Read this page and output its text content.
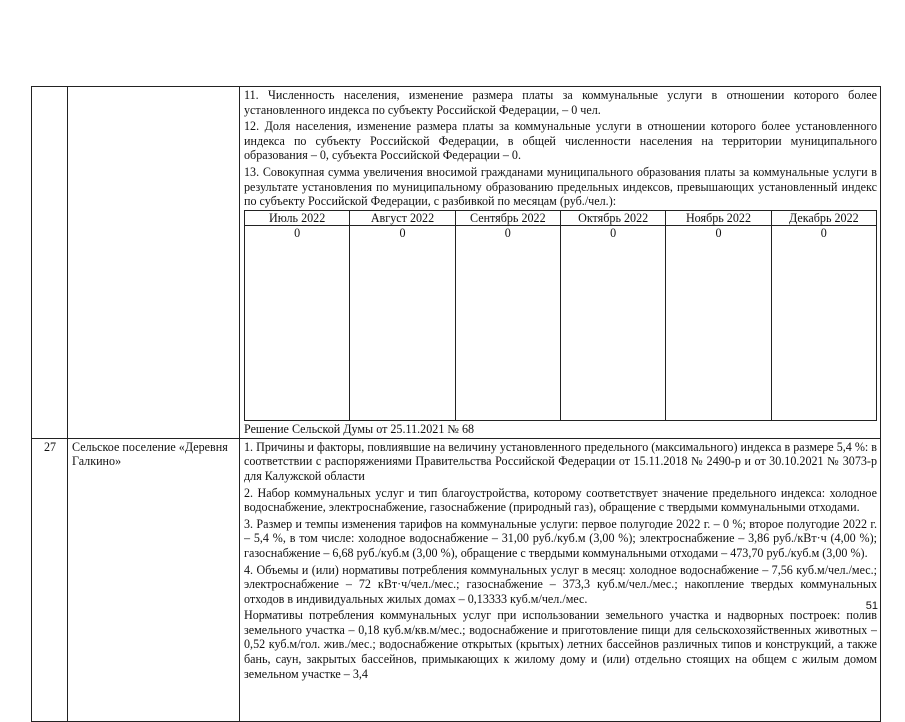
11. Численность населения, изменение размера платы за коммунальные услуги в отношении которого более установленного индекса по субъекту Российской Федерации, – 0 чел.

12. Доля населения, изменение размера платы за коммунальные услуги в отношении которого более установленного индекса по субъекту Российской Федерации, в общей численности населения на территории муниципального образования – 0, субъекта Российской Федерации – 0.

13. Совокупная сумма увеличения вносимой гражданами муниципального образования платы за коммунальные услуги в результате установления по муниципальному образованию предельных индексов, превышающих установленный индекс по субъекту Российской Федерации, с разбивкой по месяцам (руб./чел.):

Июль 2022	Август 2022	Сентябрь 2022	Октябрь 2022	Ноябрь 2022	Декабрь 2022
0	0	0	0	0	0

Решение Сельской Думы от 25.11.2021 № 68

27	Сельское поселение «Деревня Галкино»	

1. Причины и факторы, повлиявшие на величину установленного предельного (максимального) индекса в размере 5,4 %: в соответствии с распоряжениями Правительства Российской Федерации от 15.11.2018 № 2490-р и от 30.10.2021 № 3073-р для Калужской области

2. Набор коммунальных услуг и тип благоустройства, которому соответствует значение предельного индекса: холодное водоснабжение, электроснабжение, газоснабжение (природный газ), обращение с твердыми коммунальными отходами.

3. Размер и темпы изменения тарифов на коммунальные услуги: первое полугодие 2022 г. – 0 %; второе полугодие 2022 г. – 5,4 %, в том числе: холодное водоснабжение – 31,00 руб./куб.м (3,00 %); электроснабжение – 3,86 руб./кВт·ч (4,00 %); газоснабжение – 6,68 руб./куб.м (3,00 %), обращение с твердыми коммунальными отходами – 473,70 руб./куб.м (3,00 %).

4. Объемы и (или) нормативы потребления коммунальных услуг в месяц: холодное водоснабжение – 7,56 куб.м/чел./мес.; электроснабжение – 72 кВт·ч/чел./мес.; газоснабжение – 373,3 куб.м/чел./мес.; накопление твердых коммунальных отходов в индивидуальных жилых домах – 0,13333 куб.м/чел./мес.

Нормативы потребления коммунальных услуг при использовании земельного участка и надворных построек: полив земельного участка – 0,18 куб.м/кв.м/мес.; водоснабжение и приготовление пищи для сельскохозяйственных животных – 0,52 куб.м/гол. жив./мес.; водоснабжение открытых (крытых) летних бассейнов различных типов и конструкций, а также бань, саун, закрытых бассейнов, примыкающих к жилому дому и (или) отдельно стоящих на общем с жилым домом земельном участке – 3,4

51
